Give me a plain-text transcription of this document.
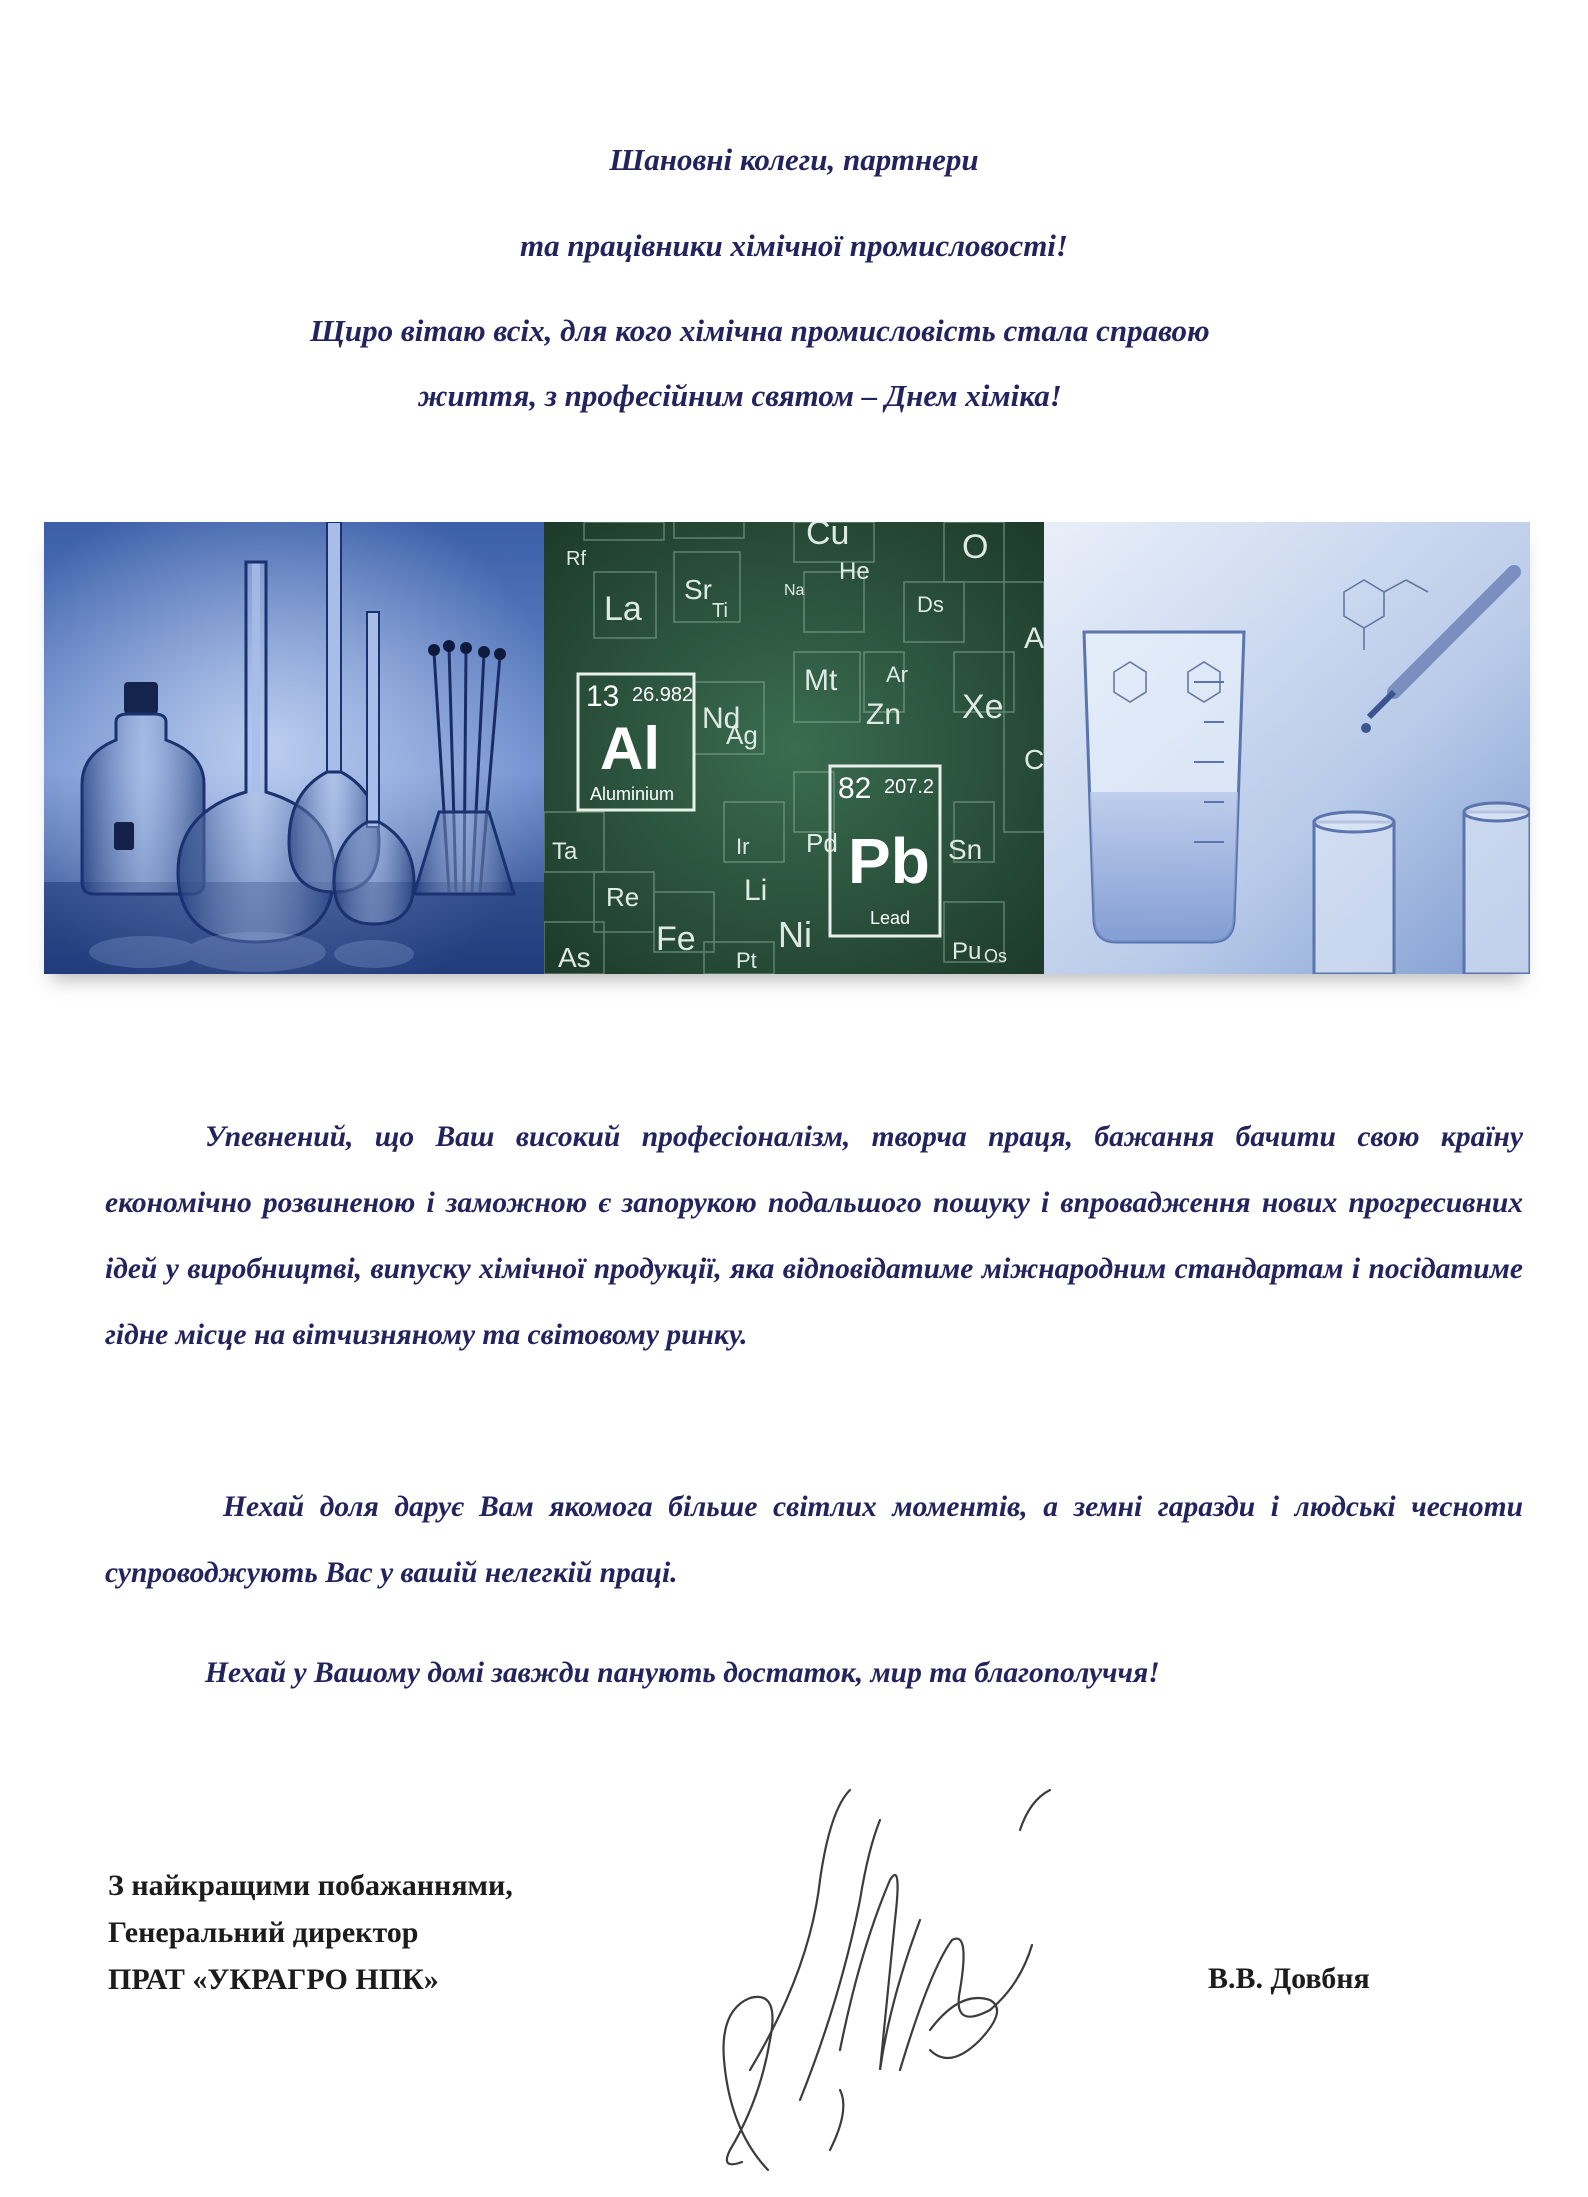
Шановні колеги, партнери
та працівники хімічної промисловості!
Щиро вітаю всіх, для кого хімічна промисловість стала справою
життя, з професійним святом – Днем хіміка!
Rf
La
Sr
Ti
Na
He
O
Ds
Mt Ar
Zn Xe
Nd
Ag
Ta
Re
Fe
Ir Pd	Sn
Li
Ni
As	Pt	Pu
Cu
Os
A
C
13 26.982
Al
Aluminium	82 207.2
Pb
Lead
Упевнений, що Ваш високий професіоналізм, творча праця, бажання бачити свою країну економічно розвиненою і заможною є запорукою подальшого пошуку і впровадження нових прогресивних ідей у виробництві, випуску хімічної продукції, яка відповідатиме міжнародним стандартам і посідатиме гідне місце на вітчизняному та світовому ринку.
Нехай доля дарує Вам якомога більше світлих моментів, а земні гаразди і людські чесноти супроводжують Вас у вашій нелегкій праці.
Нехай у Вашому домі завжди панують достаток, мир та благополуччя!
З найкращими побажаннями,
Генеральний директор
ПРАТ «УКРАГРО НПК»	В.В. Довбня
